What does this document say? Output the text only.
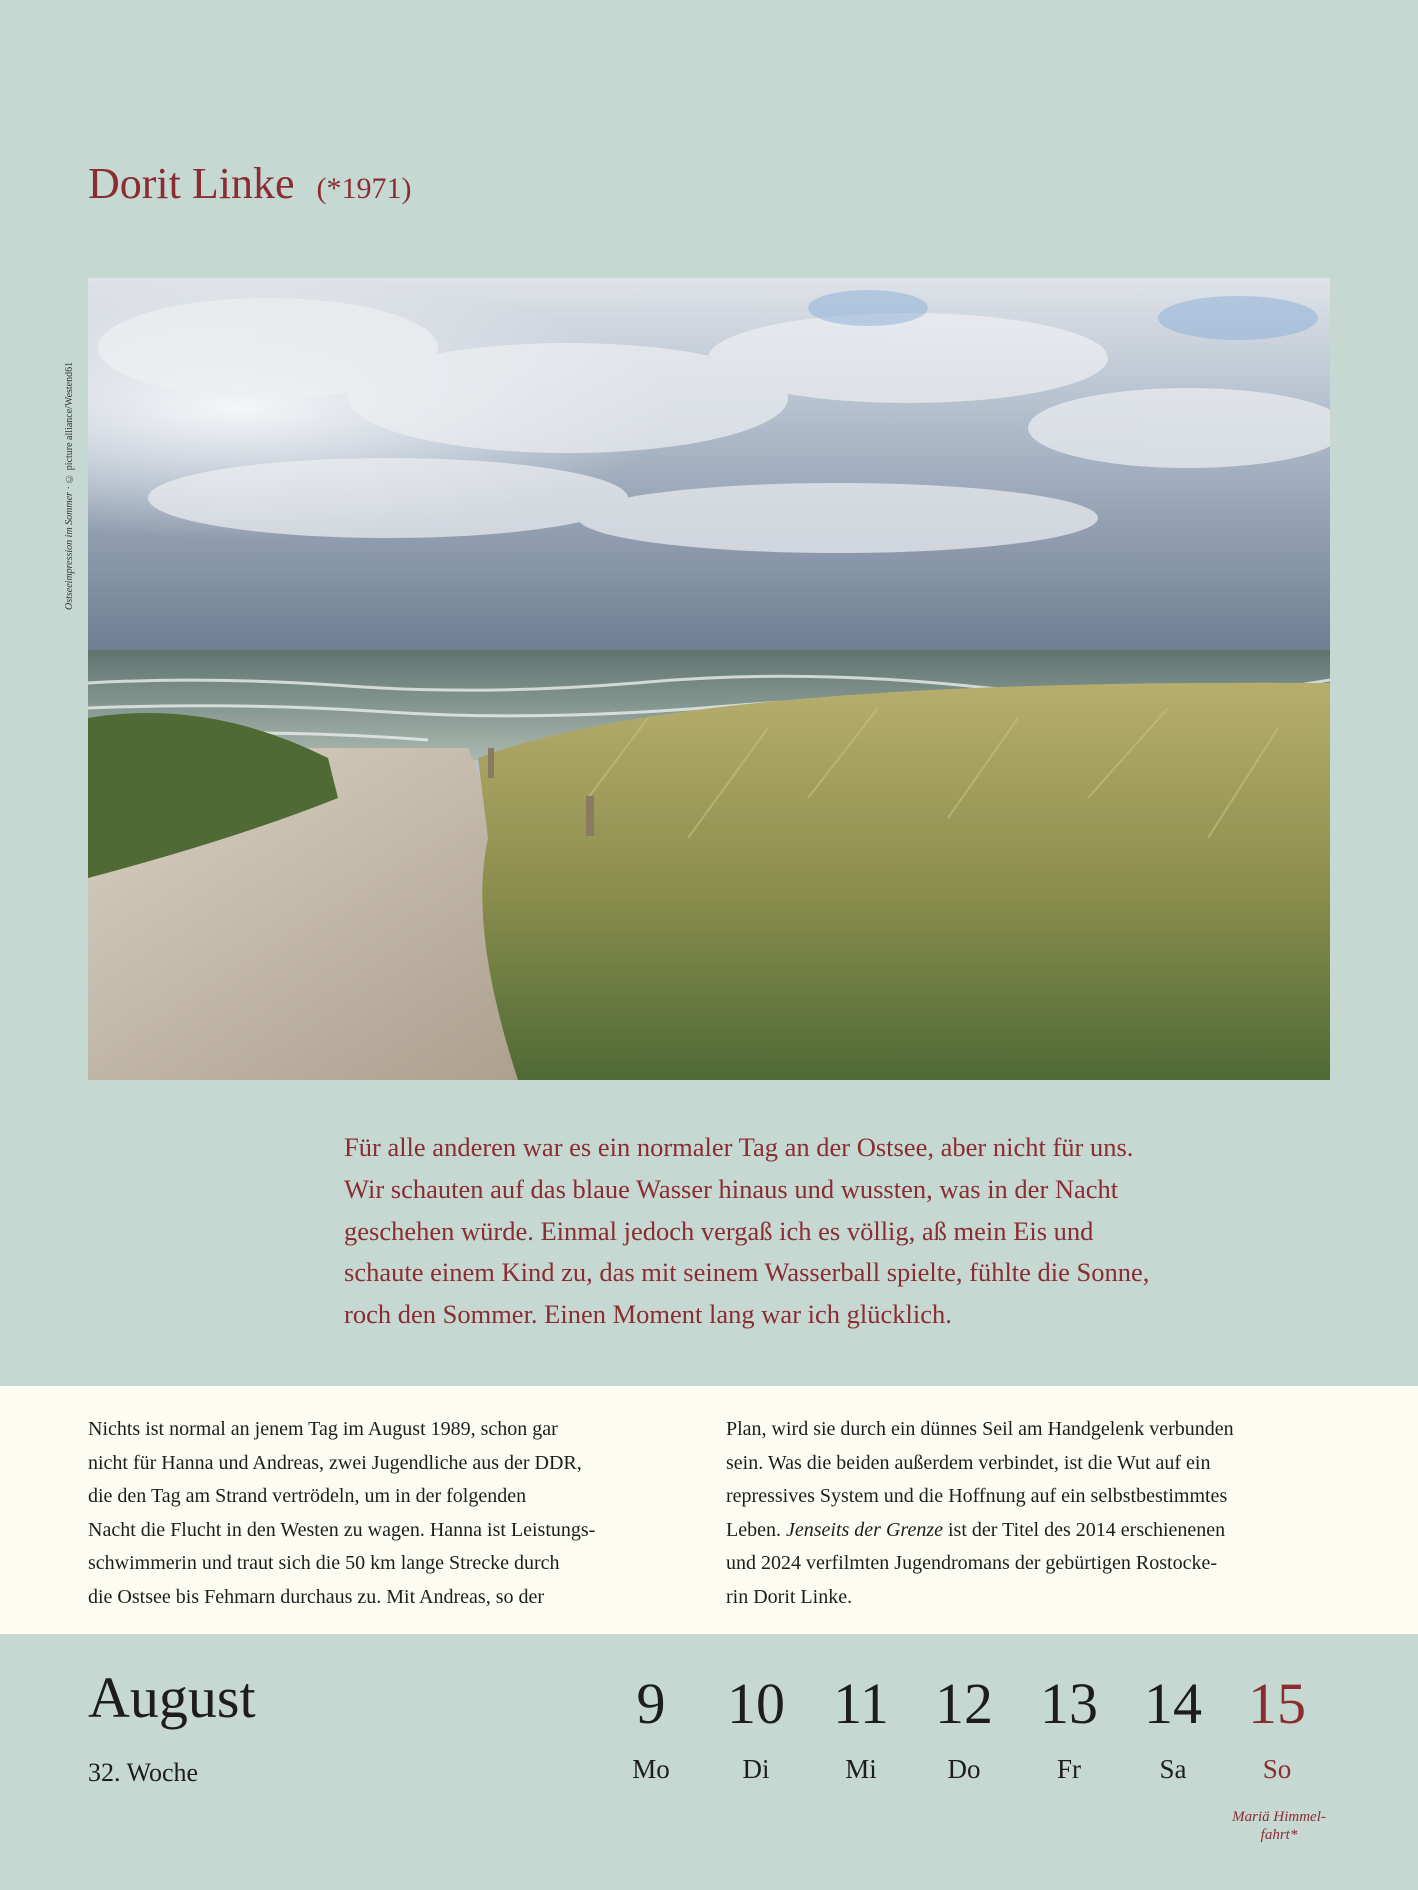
Dorit Linke (*1971)
Ostseeimpression im Sommer · © picture alliance/Westend61

Für alle anderen war es ein normaler Tag an der Ostsee, aber nicht für uns.

Wir schauten auf das blaue Wasser hinaus und wussten, was in der Nacht

geschehen würde. Einmal jedoch vergaß ich es völlig, aß mein Eis und

schaute einem Kind zu, das mit seinem Wasserball spielte, fühlte die Sonne,

roch den Sommer. Einen Moment lang war ich glücklich.

Nichts ist normal an jenem Tag im August 1989, schon gar

nicht für Hanna und Andreas, zwei Jugendliche aus der DDR,

die den Tag am Strand vertrödeln, um in der folgenden

Nacht die Flucht in den Westen zu wagen. Hanna ist Leistungs-

schwimmerin und traut sich die 50 km lange Strecke durch

die Ostsee bis Fehmarn durchaus zu. Mit Andreas, so der

Plan, wird sie durch ein dünnes Seil am Handgelenk verbunden

sein. Was die beiden außerdem verbindet, ist die Wut auf ein

repressives System und die Hoffnung auf ein selbstbestimmtes

Leben. Jenseits der Grenze ist der Titel des 2014 erschienenen

und 2024 verfilmten Jugendromans der gebürtigen Rostocke-

rin Dorit Linke.

August
32. Woche
9
Mo
10
Di
11
Mi
12
Do
13
Fr
14
Sa
15
So
Mariä Himmel-
fahrt*
